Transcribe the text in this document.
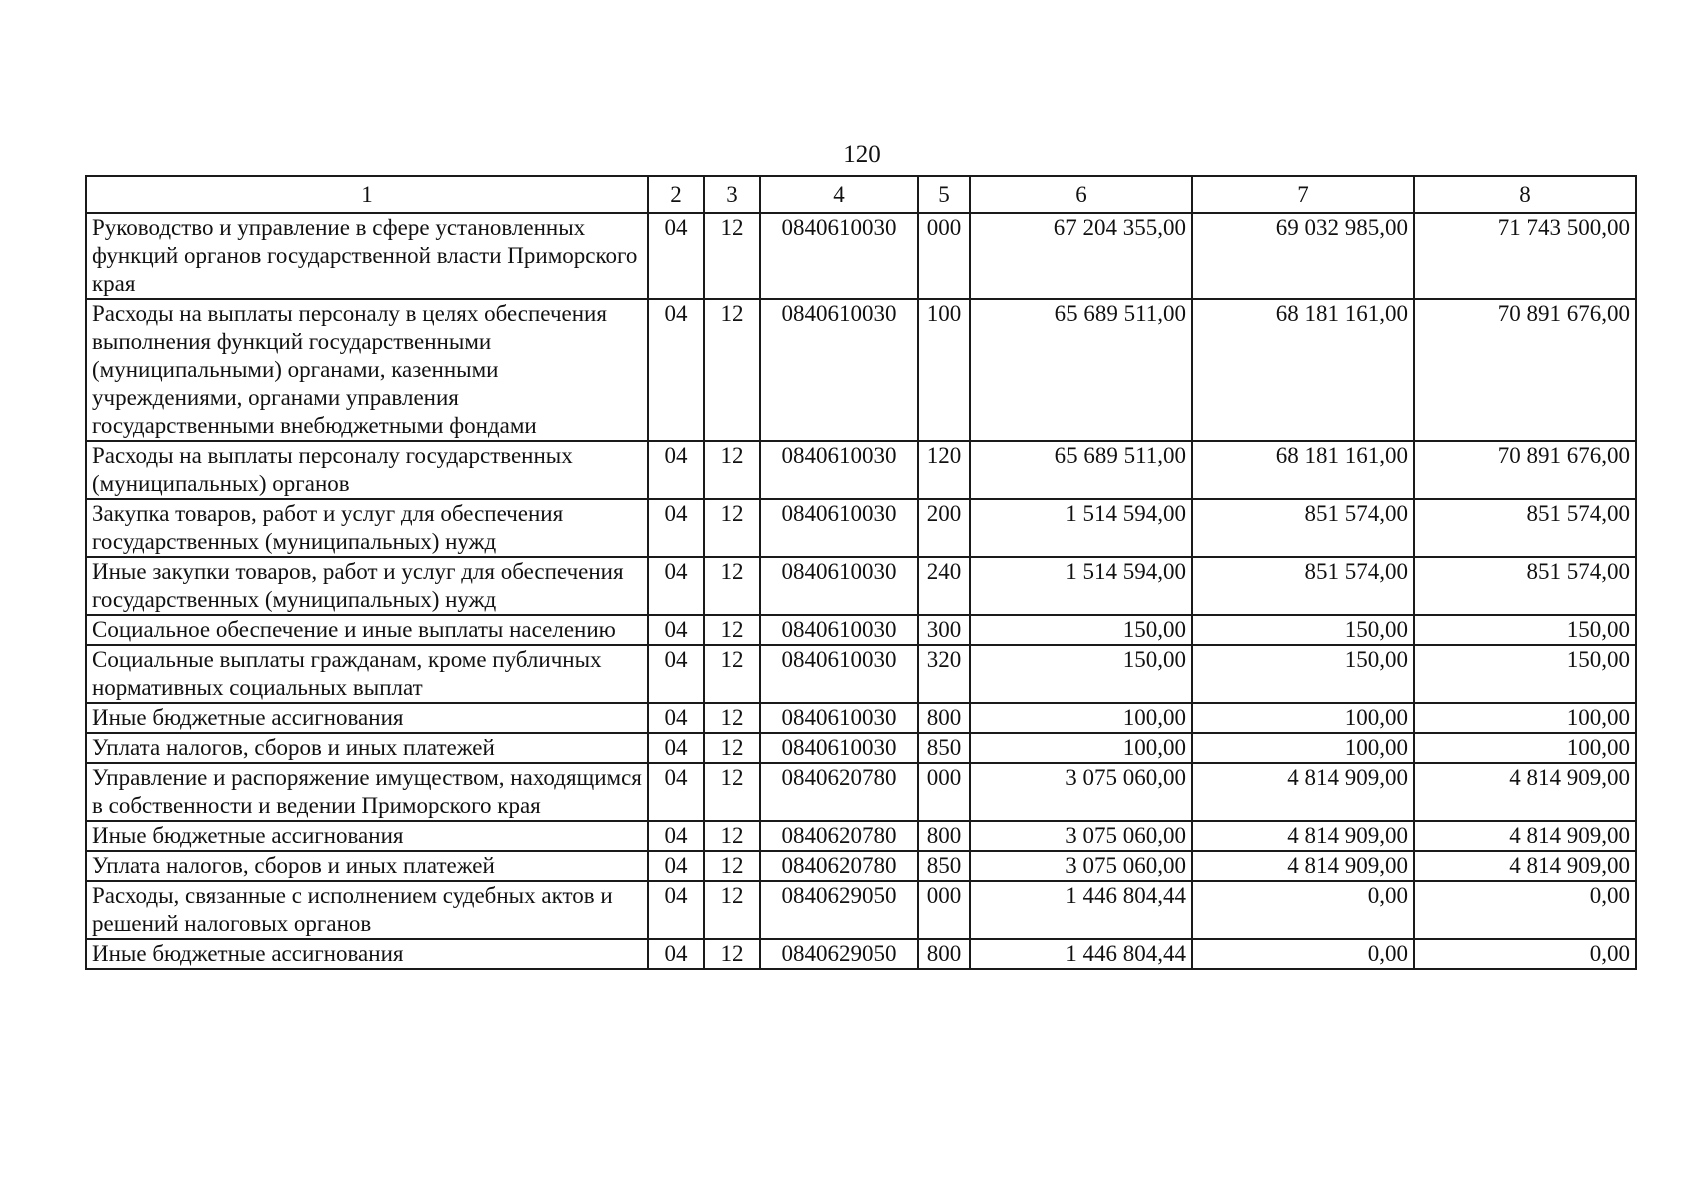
120
1	2	3	4	5	6	7	8
Руководство и управление в сфере установленных функций органов государственной власти Приморского края	04	12	0840610030	000	67 204 355,00	69 032 985,00	71 743 500,00
Расходы на выплаты персоналу в целях обеспечения выполнения функций государственными (муниципальными) органами, казенными учреждениями, органами управления государственными внебюджетными фондами	04	12	0840610030	100	65 689 511,00	68 181 161,00	70 891 676,00
Расходы на выплаты персоналу государственных (муниципальных) органов	04	12	0840610030	120	65 689 511,00	68 181 161,00	70 891 676,00
Закупка товаров, работ и услуг для обеспечения государственных (муниципальных) нужд	04	12	0840610030	200	1 514 594,00	851 574,00	851 574,00
Иные закупки товаров, работ и услуг для обеспечения государственных (муниципальных) нужд	04	12	0840610030	240	1 514 594,00	851 574,00	851 574,00
Социальное обеспечение и иные выплаты населению	04	12	0840610030	300	150,00	150,00	150,00
Социальные выплаты гражданам, кроме публичных нормативных социальных выплат	04	12	0840610030	320	150,00	150,00	150,00
Иные бюджетные ассигнования	04	12	0840610030	800	100,00	100,00	100,00
Уплата налогов, сборов и иных платежей	04	12	0840610030	850	100,00	100,00	100,00
Управление и распоряжение имуществом, находящимся в собственности и ведении Приморского края	04	12	0840620780	000	3 075 060,00	4 814 909,00	4 814 909,00
Иные бюджетные ассигнования	04	12	0840620780	800	3 075 060,00	4 814 909,00	4 814 909,00
Уплата налогов, сборов и иных платежей	04	12	0840620780	850	3 075 060,00	4 814 909,00	4 814 909,00
Расходы, связанные с исполнением судебных актов и решений налоговых органов	04	12	0840629050	000	1 446 804,44	0,00	0,00
Иные бюджетные ассигнования	04	12	0840629050	800	1 446 804,44	0,00	0,00
